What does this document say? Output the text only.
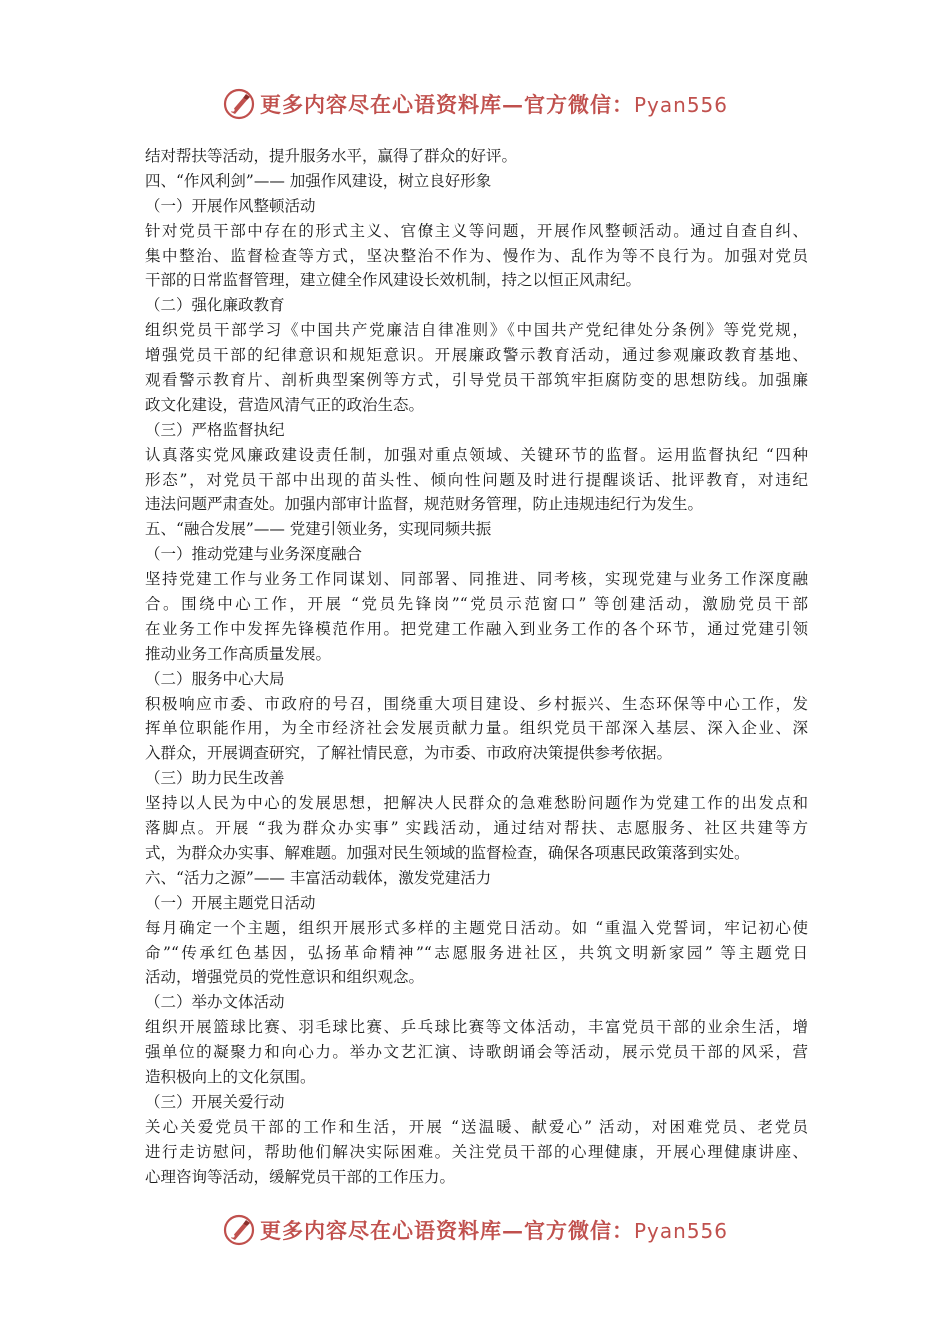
更多内容尽在心语资料库—官方微信：Pyan556
结对帮扶等活动，提升服务水平，赢得了群众的好评。
四、“作风利剑”—— 加强作风建设，树立良好形象
（一）开展作风整顿活动
针对党员干部中存在的形式主义、官僚主义等问题，开展作风整顿活动。通过自查自纠、
集中整治、监督检查等方式，坚决整治不作为、慢作为、乱作为等不良行为。加强对党员
干部的日常监督管理，建立健全作风建设长效机制，持之以恒正风肃纪。
（二）强化廉政教育
组织党员干部学习《中国共产党廉洁自律准则》《中国共产党纪律处分条例》等党党规，
增强党员干部的纪律意识和规矩意识。开展廉政警示教育活动，通过参观廉政教育基地、
观看警示教育片、剖析典型案例等方式，引导党员干部筑牢拒腐防变的思想防线。加强廉
政文化建设，营造风清气正的政治生态。
（三）严格监督执纪
认真落实党风廉政建设责任制，加强对重点领域、关键环节的监督。运用监督执纪 “四种
形态”，对党员干部中出现的苗头性、倾向性问题及时进行提醒谈话、批评教育，对违纪
违法问题严肃查处。加强内部审计监督，规范财务管理，防止违规违纪行为发生。
五、“融合发展”—— 党建引领业务，实现同频共振
（一）推动党建与业务深度融合
坚持党建工作与业务工作同谋划、同部署、同推进、同考核，实现党建与业务工作深度融
合。围绕中心工作，开展 “党员先锋岗”“党员示范窗口” 等创建活动，激励党员干部
在业务工作中发挥先锋模范作用。把党建工作融入到业务工作的各个环节，通过党建引领
推动业务工作高质量发展。
（二）服务中心大局
积极响应市委、市政府的号召，围绕重大项目建设、乡村振兴、生态环保等中心工作，发
挥单位职能作用，为全市经济社会发展贡献力量。组织党员干部深入基层、深入企业、深
入群众，开展调查研究，了解社情民意，为市委、市政府决策提供参考依据。
（三）助力民生改善
坚持以人民为中心的发展思想，把解决人民群众的急难愁盼问题作为党建工作的出发点和
落脚点。开展 “我为群众办实事” 实践活动，通过结对帮扶、志愿服务、社区共建等方
式，为群众办实事、解难题。加强对民生领域的监督检查，确保各项惠民政策落到实处。
六、“活力之源”—— 丰富活动载体，激发党建活力
（一）开展主题党日活动
每月确定一个主题，组织开展形式多样的主题党日活动。如 “重温入党誓词，牢记初心使
命”“传承红色基因，弘扬革命精神”“志愿服务进社区，共筑文明新家园” 等主题党日
活动，增强党员的党性意识和组织观念。
（二）举办文体活动
组织开展篮球比赛、羽毛球比赛、乒乓球比赛等文体活动，丰富党员干部的业余生活，增
强单位的凝聚力和向心力。举办文艺汇演、诗歌朗诵会等活动，展示党员干部的风采，营
造积极向上的文化氛围。
（三）开展关爱行动
关心关爱党员干部的工作和生活，开展 “送温暖、献爱心” 活动，对困难党员、老党员
进行走访慰问，帮助他们解决实际困难。关注党员干部的心理健康，开展心理健康讲座、
心理咨询等活动，缓解党员干部的工作压力。
更多内容尽在心语资料库—官方微信：Pyan556
